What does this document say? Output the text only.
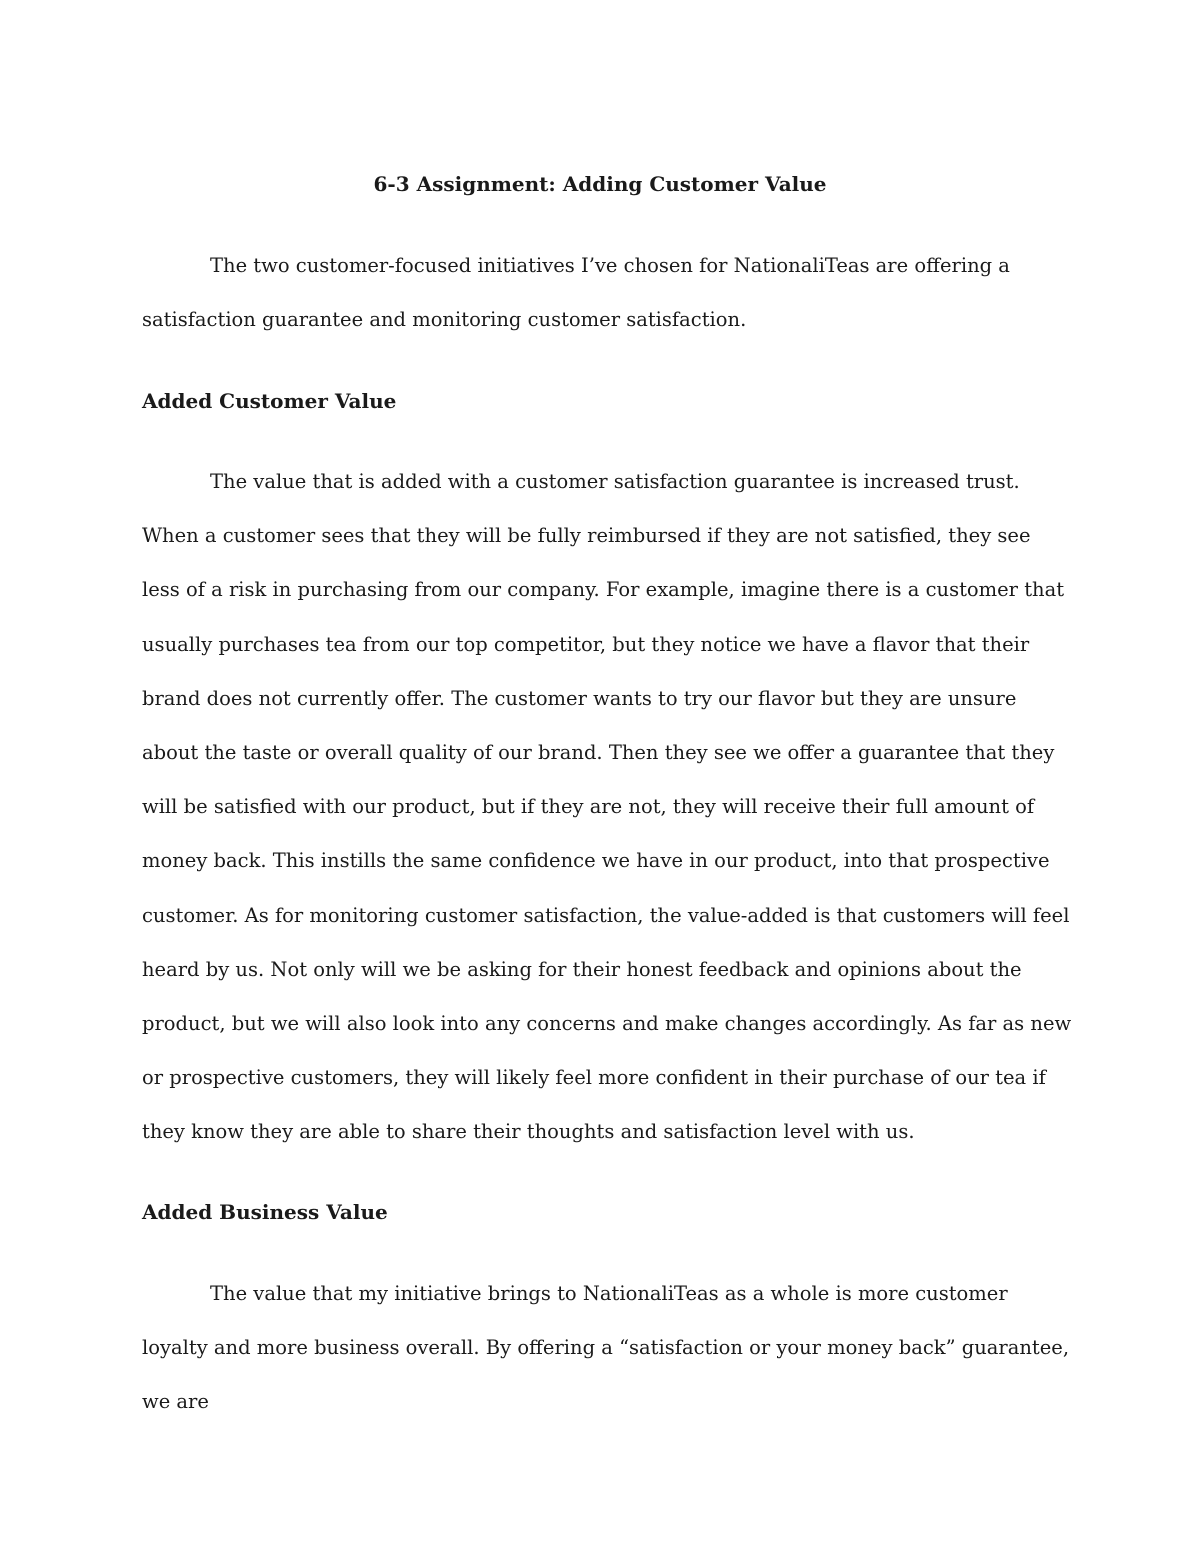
6-3 Assignment: Adding Customer Value

The two customer-focused initiatives I’ve chosen for NationaliTeas are offering a satisfaction guarantee and monitoring customer satisfaction.

Added Customer Value

The value that is added with a customer satisfaction guarantee is increased trust. When a customer sees that they will be fully reimbursed if they are not satisfied, they see less of a risk in purchasing from our company. For example, imagine there is a customer that usually purchases tea from our top competitor, but they notice we have a flavor that their brand does not currently offer. The customer wants to try our flavor but they are unsure about the taste or overall quality of our brand. Then they see we offer a guarantee that they will be satisfied with our product, but if they are not, they will receive their full amount of money back. This instills the same confidence we have in our product, into that prospective customer. As for monitoring customer satisfaction, the value-added is that customers will feel heard by us. Not only will we be asking for their honest feedback and opinions about the product, but we will also look into any concerns and make changes accordingly. As far as new or prospective customers, they will likely feel more confident in their purchase of our tea if they know they are able to share their thoughts and satisfaction level with us.

Added Business Value

The value that my initiative brings to NationaliTeas as a whole is more customer loyalty and more business overall. By offering a “satisfaction or your money back” guarantee, we are
